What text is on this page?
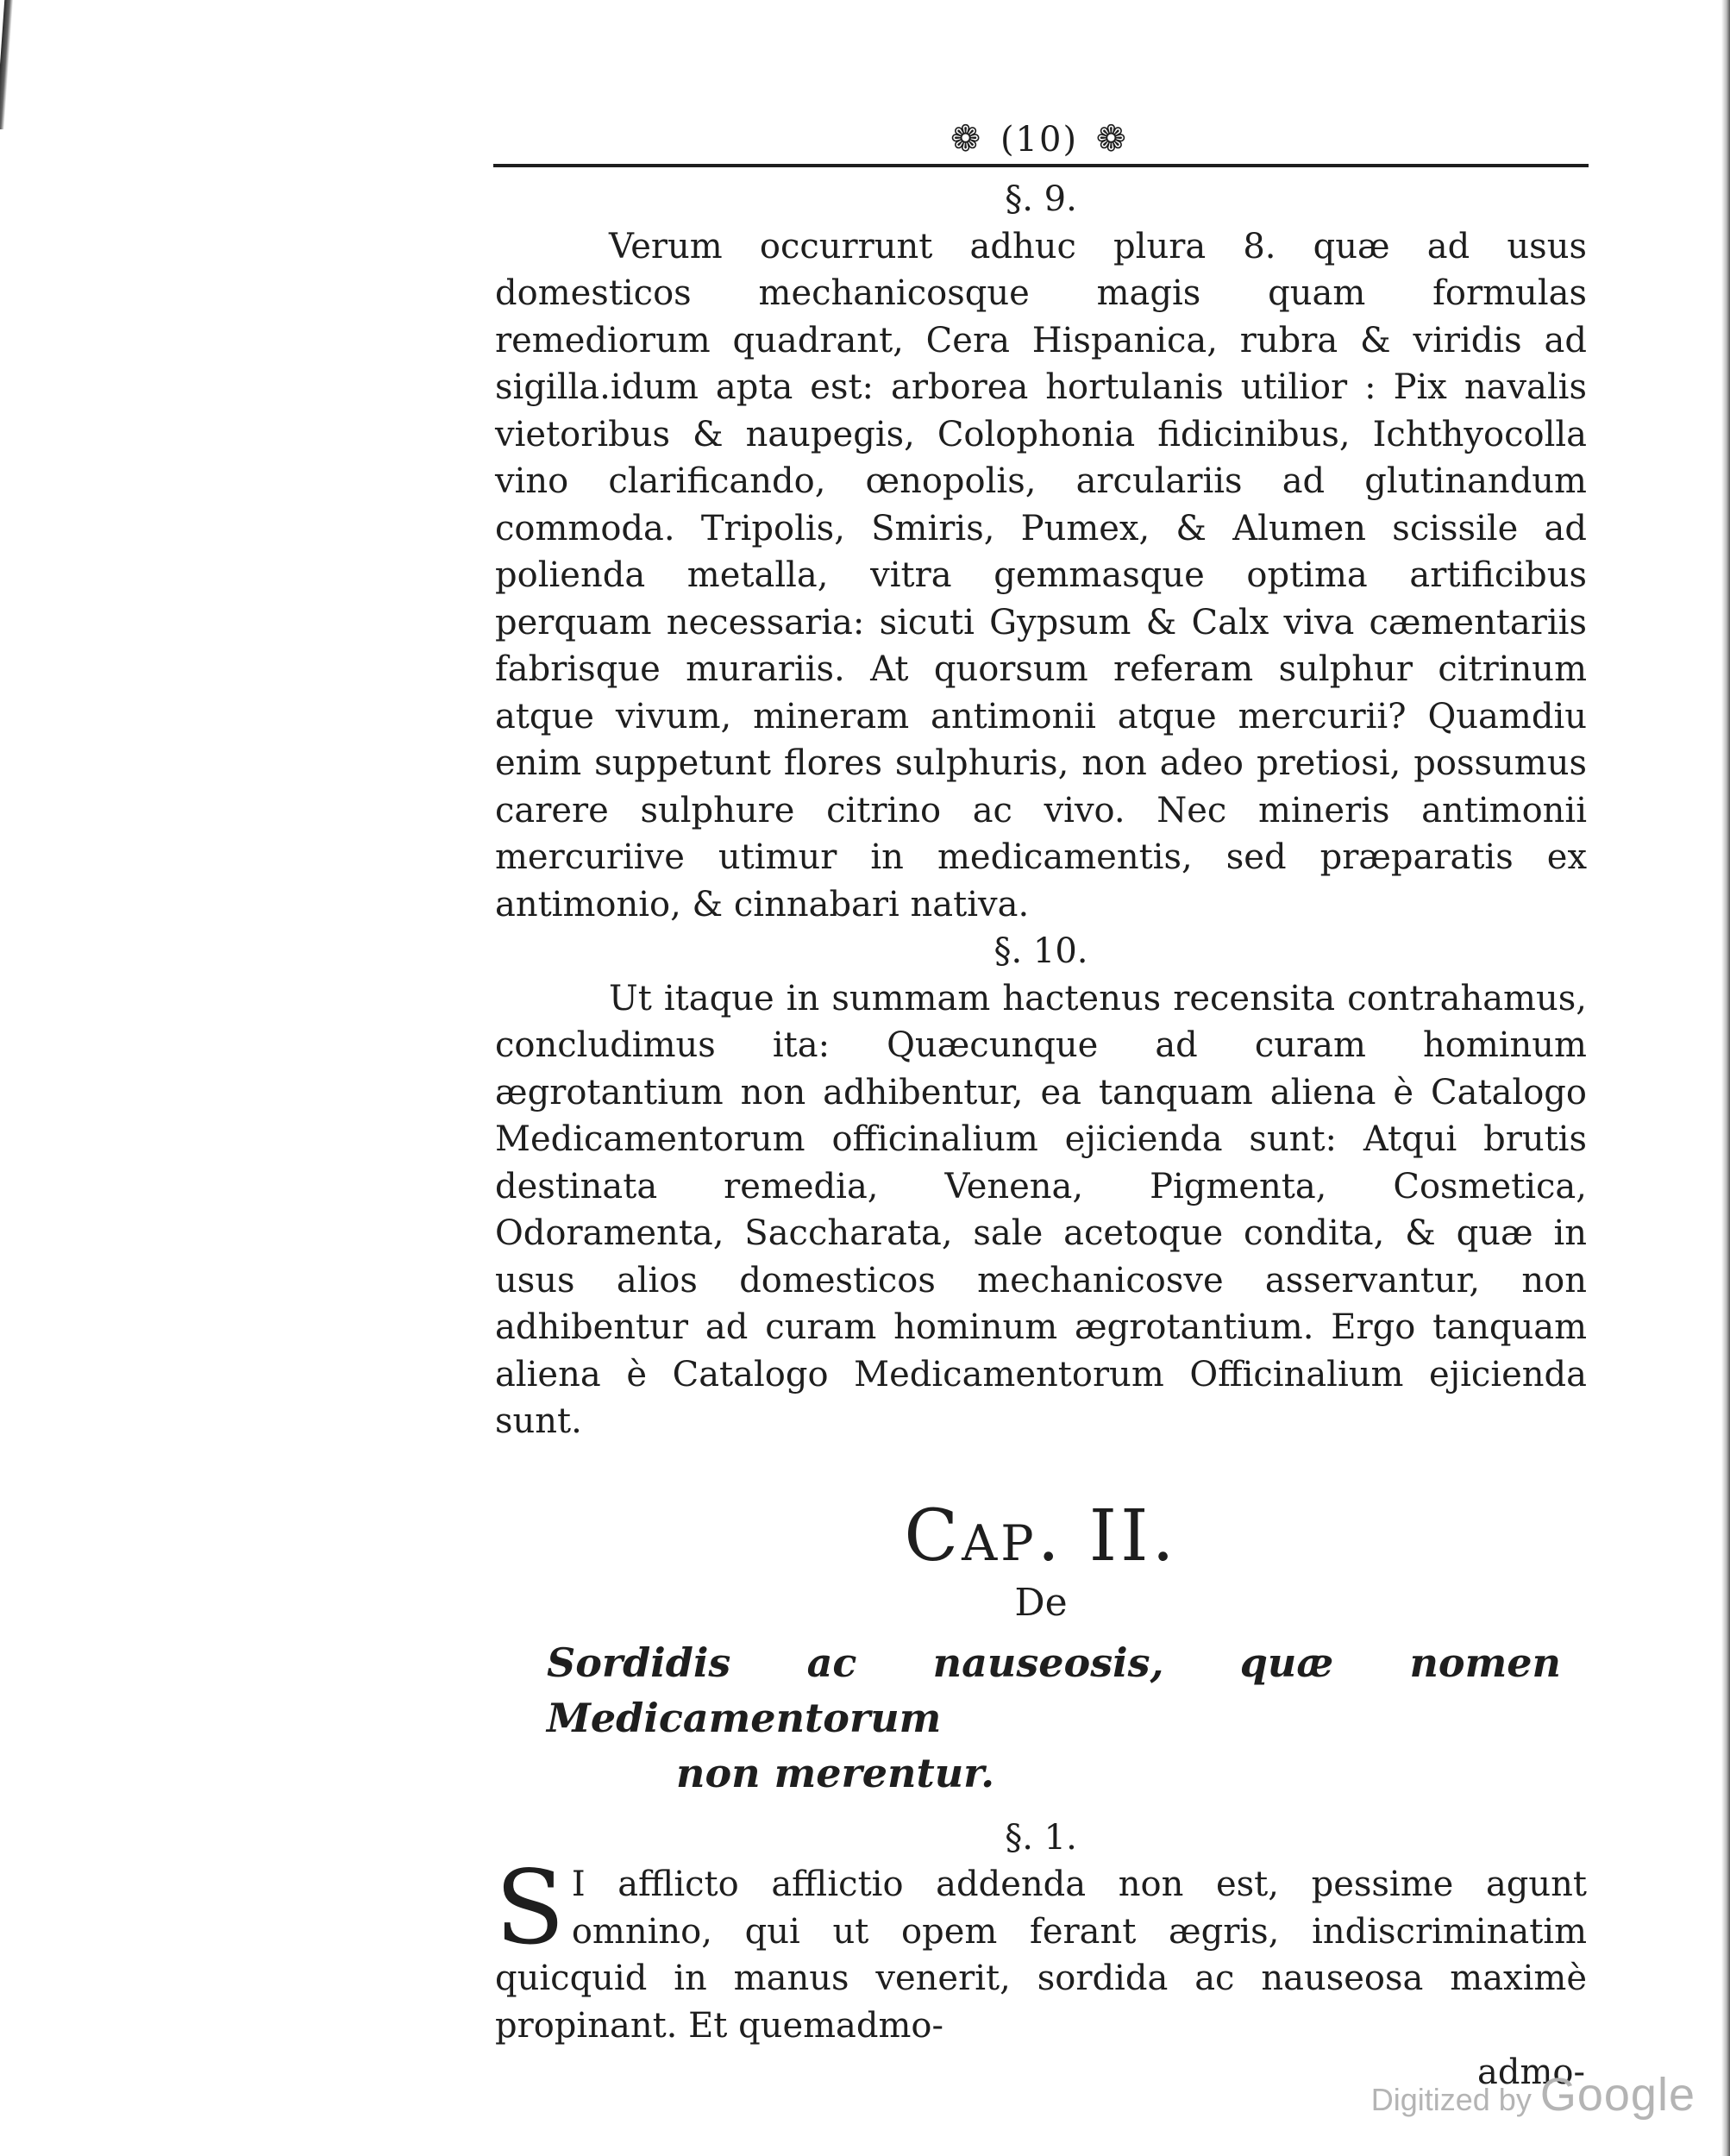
❁ (10) ❁

§. 9.

Verum occurrunt adhuc plura 8. quæ ad usus domesticos mechanicosque magis quam formulas remediorum quadrant, Cera Hispanica, rubra & viridis ad sigilla.idum apta est: arborea hortulanis utilior : Pix navalis vietoribus & naupegis, Colophonia fidicinibus, Ichthyocolla vino clarificando, œnopolis, arculariis ad glutinandum commoda. Tripolis, Smiris, Pumex, & Alumen scissile ad polienda metalla, vitra gemmasque optima artificibus perquam necessaria: sicuti Gypsum & Calx viva cæmentariis fabrisque murariis. At quorsum referam sulphur citrinum atque vivum, mineram antimonii atque mercurii? Quamdiu enim suppetunt flores sulphuris, non adeo pretiosi, possumus carere sulphure citrino ac vivo. Nec mineris antimonii mercuriive utimur in medicamentis, sed præparatis ex antimonio, & cinnabari nativa.

§. 10.

Ut itaque in summam hactenus recensita contrahamus, concludimus ita: Quæcunque ad curam hominum ægrotantium non adhibentur, ea tanquam aliena è Catalogo Medicamentorum officinalium ejicienda sunt: Atqui brutis destinata remedia, Venena, Pigmenta, Cosmetica, Odoramenta, Saccharata, sale acetoque condita, & quæ in usus alios domesticos mechanicosve asservantur, non adhibentur ad curam hominum ægrotantium. Ergo tanquam aliena è Catalogo Medicamentorum Officinalium ejicienda sunt.

Cap. II.

De

Sordidis ac nauseosis, quæ nomen Medicamentorum
non merentur.

§. 1.

S I afflicto afflictio addenda non est, pessime agunt omnino, qui ut opem ferant ægris, indiscriminatim quicquid in manus venerit, sordida ac nauseosa maximè propinant. Et quemadmo-

admo-

Digitized by Google
